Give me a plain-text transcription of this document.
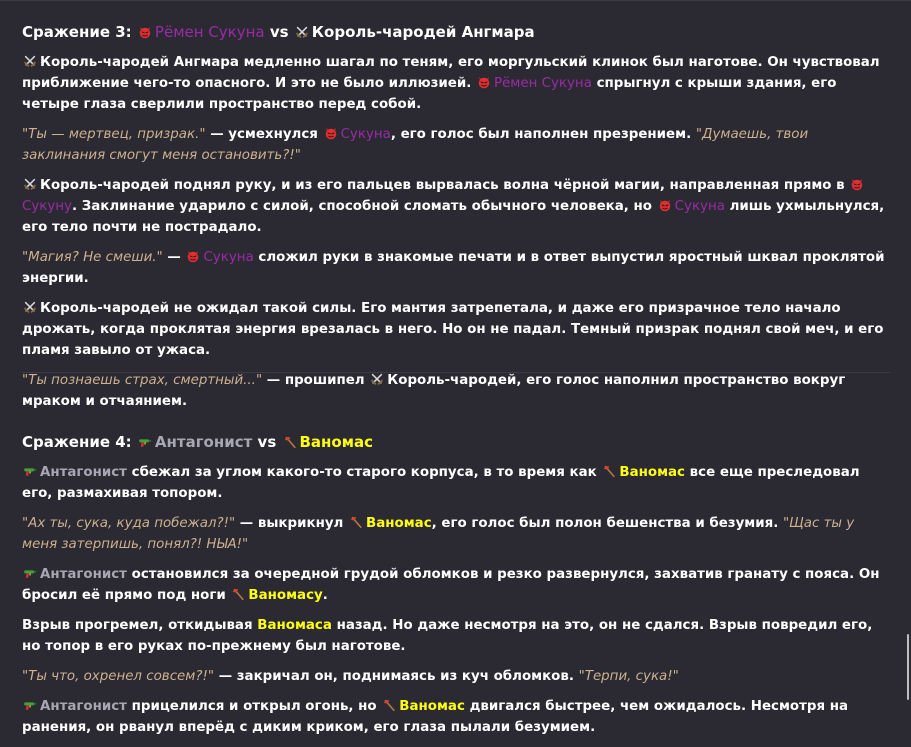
Сражение 3: Рёмен Сукуна vs Король-чародей Ангмара

Король-чародей Ангмара медленно шагал по теням, его моргульский клинок был наготове. Он чувствовал приближение чего-то опасного. И это не было иллюзией. Рёмен Сукуна спрыгнул с крыши здания, его четыре глаза сверлили пространство перед собой.

"Ты — мертвец, призрак." — усмехнулся Сукуна, его голос был наполнен презрением. "Думаешь, твои заклинания смогут меня остановить?!"

Король-чародей поднял руку, и из его пальцев вырвалась волна чёрной магии, направленная прямо в Сукуну. Заклинание ударило с силой, способной сломать обычного человека, но Сукуна лишь ухмыльнулся, его тело почти не пострадало.

"Магия? Не смеши." — Сукуна сложил руки в знакомые печати и в ответ выпустил яростный шквал проклятой энергии.

Король-чародей не ожидал такой силы. Его мантия затрепетала, и даже его призрачное тело начало дрожать, когда проклятая энергия врезалась в него. Но он не падал. Темный призрак поднял свой меч, и его пламя завыло от ужаса.

"Ты познаешь страх, смертный..." — прошипел Король-чародей, его голос наполнил пространство вокруг мраком и отчаянием.

Сражение 4: Антагонист vs Ваномас

Антагонист сбежал за углом какого-то старого корпуса, в то время как Ваномас все еще преследовал его, размахивая топором.

"Ах ты, сука, куда побежал?!" — выкрикнул Ваномас, его голос был полон бешенства и безумия. "Щас ты у меня затерпишь, понял?! НЫА!"

Антагонист остановился за очередной грудой обломков и резко развернулся, захватив гранату с пояса. Он бросил её прямо под ноги Ваномасу.

Взрыв прогремел, откидывая Ваномаса назад. Но даже несмотря на это, он не сдался. Взрыв повредил его, но топор в его руках по-прежнему был наготове.

"Ты что, охренел совсем?!" — закричал он, поднимаясь из куч обломков. "Терпи, сука!"

Антагонист прицелился и открыл огонь, но Ваномас двигался быстрее, чем ожидалось. Несмотря на ранения, он рванул вперёд с диким криком, его глаза пылали безумием.
